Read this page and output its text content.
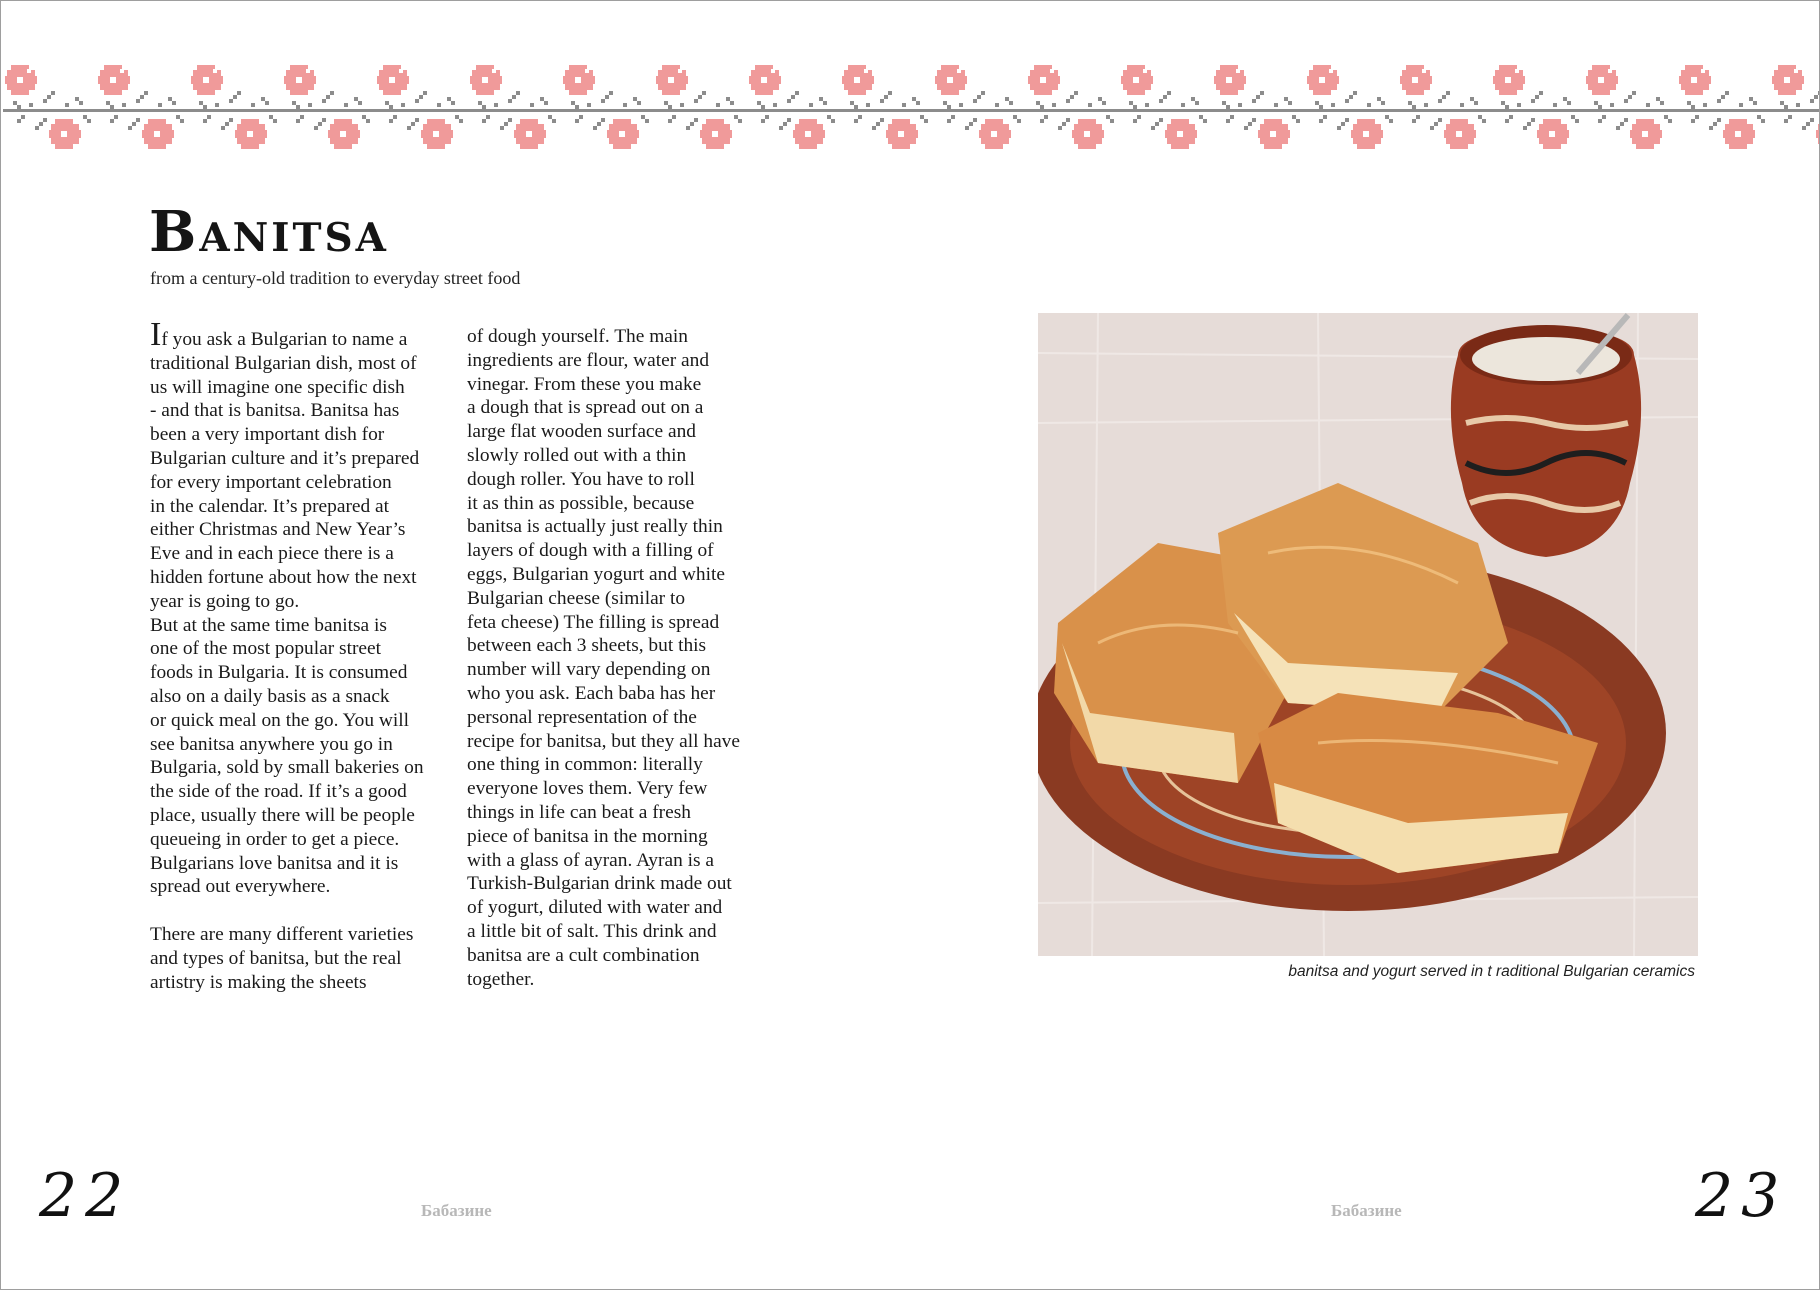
Banitsa
from a century-old tradition to everyday street food
If you ask a Bulgarian to name a
traditional Bulgarian dish, most of
us will imagine one specific dish
- and that is banitsa. Banitsa has
been a very important dish for
Bulgarian culture and it’s prepared
for every important celebration
in the calendar. It’s prepared at
either Christmas and New Year’s
Eve and in each piece there is a
hidden fortune about how the next
year is going to go.
But at the same time banitsa is
one of the most popular street
foods in Bulgaria. It is consumed
also on a daily basis as a snack
or quick meal on the go. You will
see banitsa anywhere you go in
Bulgaria, sold by small bakeries on
the side of the road. If it’s a good
place, usually there will be people
queueing in order to get a piece.
Bulgarians love banitsa and it is
spread out everywhere.

There are many different varieties
and types of banitsa, but the real
artistry is making the sheets
of dough yourself. The main
ingredients are flour, water and
vinegar. From these you make
a dough that is spread out on a
large flat wooden surface and
slowly rolled out with a thin
dough roller. You have to roll
it as thin as possible, because
banitsa is actually just really thin
layers of dough with a filling of
eggs, Bulgarian yogurt and white
Bulgarian cheese (similar to
feta cheese) The filling is spread
between each 3 sheets, but this
number will vary depending on
who you ask. Each baba has her
personal representation of the
recipe for banitsa, but they all have
one thing in common: literally
everyone loves them. Very few
things in life can beat a fresh
piece of banitsa in the morning
with a glass of ayran. Ayran is a
Turkish-Bulgarian drink made out
of yogurt, diluted with water and
a little bit of salt. This drink and
banitsa are a cult combination
together.	banitsa and yogurt served in t raditional Bulgarian ceramics
22	Бабазине	Бабазине	23
